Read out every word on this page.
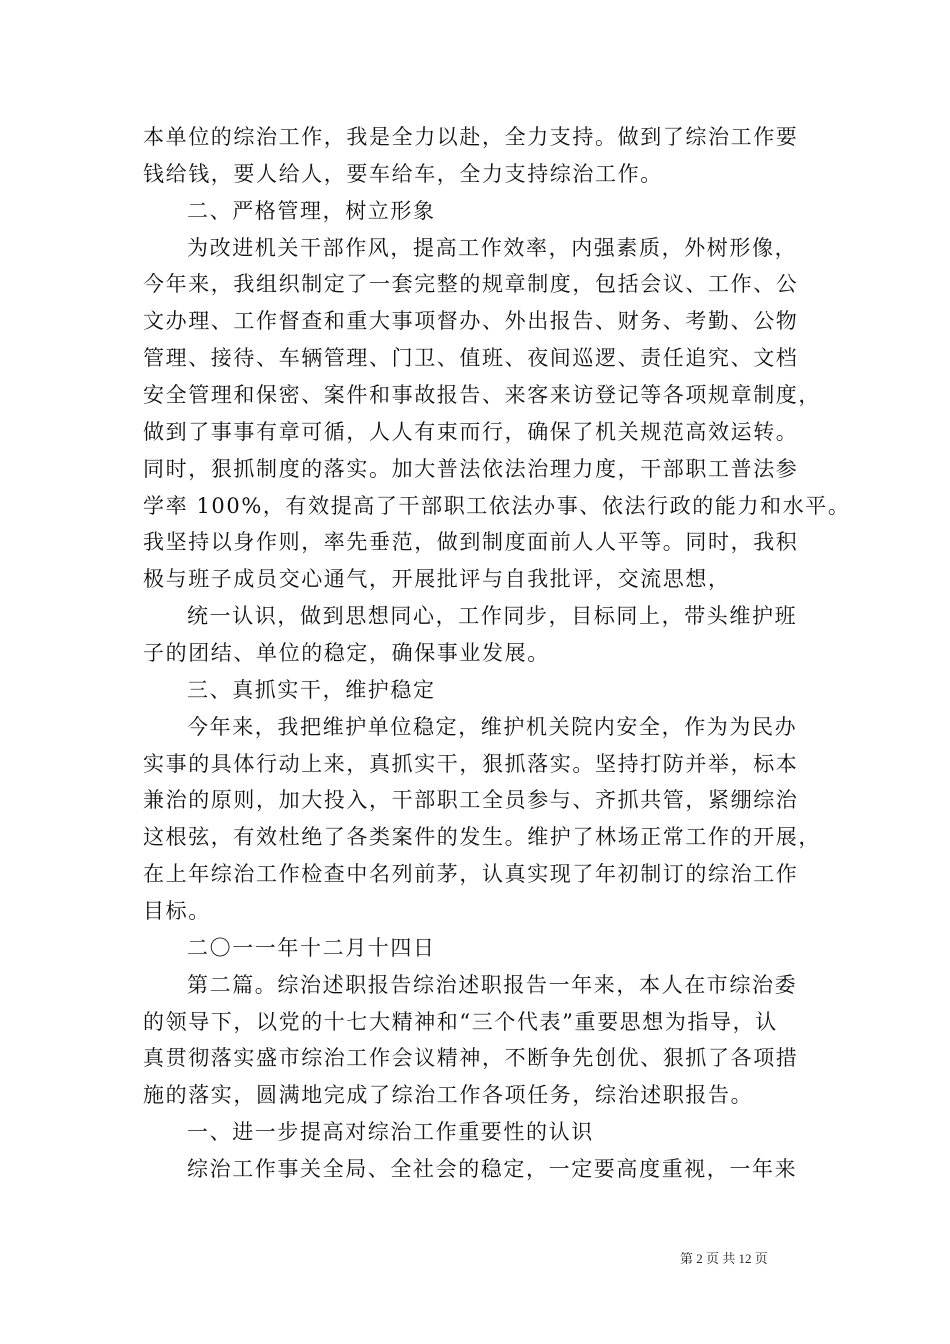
本单位的综治工作，我是全力以赴，全力支持。做到了综治工作要
钱给钱，要人给人，要车给车，全力支持综治工作。
二、严格管理，树立形象
为改进机关干部作风，提高工作效率，内强素质，外树形像，
今年来，我组织制定了一套完整的规章制度，包括会议、工作、公
文办理、工作督查和重大事项督办、外出报告、财务、考勤、公物
管理、接待、车辆管理、门卫、值班、夜间巡逻、责任追究、文档
安全管理和保密、案件和事故报告、来客来访登记等各项规章制度，
做到了事事有章可循，人人有束而行，确保了机关规范高效运转。
同时，狠抓制度的落实。加大普法依法治理力度，干部职工普法参
学率 100%，有效提高了干部职工依法办事、依法行政的能力和水平。
我坚持以身作则，率先垂范，做到制度面前人人平等。同时，我积
极与班子成员交心通气，开展批评与自我批评，交流思想，
统一认识，做到思想同心，工作同步，目标同上，带头维护班
子的团结、单位的稳定，确保事业发展。
三、真抓实干，维护稳定
今年来，我把维护单位稳定，维护机关院内安全，作为为民办
实事的具体行动上来，真抓实干，狠抓落实。坚持打防并举，标本
兼治的原则，加大投入，干部职工全员参与、齐抓共管，紧绷综治
这根弦，有效杜绝了各类案件的发生。维护了林场正常工作的开展，
在上年综治工作检查中名列前茅，认真实现了年初制订的综治工作
目标。
二〇一一年十二月十四日
第二篇。综治述职报告综治述职报告一年来，本人在市综治委
的领导下，以党的十七大精神和“三个代表”重要思想为指导，认
真贯彻落实盛市综治工作会议精神，不断争先创优、狠抓了各项措
施的落实，圆满地完成了综治工作各项任务，综治述职报告。
一、进一步提高对综治工作重要性的认识
综治工作事关全局、全社会的稳定，一定要高度重视，一年来
第 2 页 共 12 页
